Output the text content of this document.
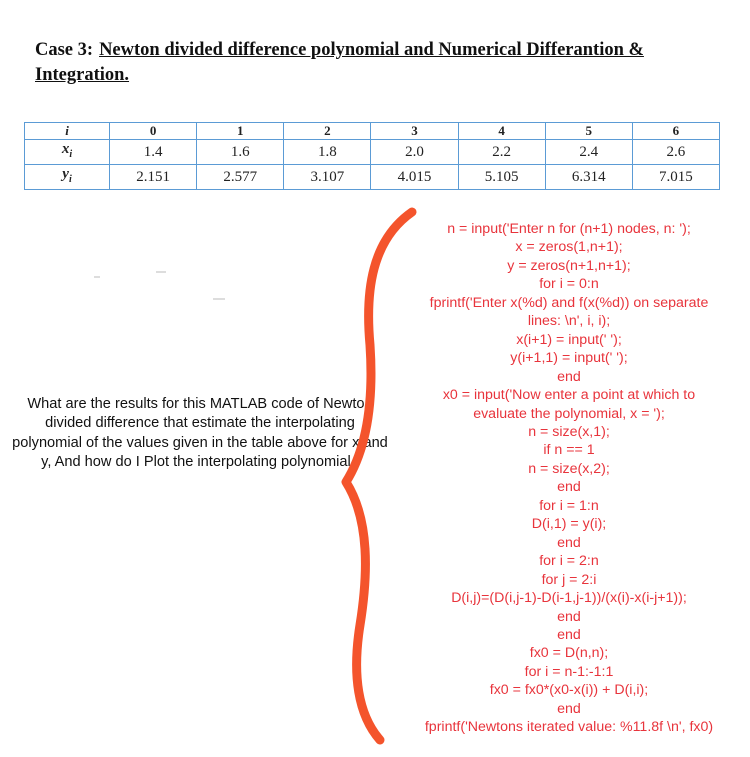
Case 3: Newton divided difference polynomial and Numerical Differantion & Integration.
i	0	1	2	3	4	5	6
$x_i$	1.4	1.6	1.8	2.0	2.2	2.4	2.6
$y_i$	2.151	2.577	3.107	4.015	5.105	6.314	7.015
What are the results for this MATLAB code of Newton divided difference that estimate the interpolating polynomial of the values given in the table above for x and y, And how do I Plot the interpolating polynomial .
n = input('Enter n for (n+1) nodes, n: ');
x = zeros(1,n+1);
y = zeros(n+1,n+1);
for i = 0:n
fprintf('Enter x(%d) and f(x(%d)) on separate
lines: \n', i, i);
x(i+1) = input(' ');
y(i+1,1) = input(' ');
end
x0 = input('Now enter a point at which to
evaluate the polynomial, x = ');
n = size(x,1);
if n == 1
n = size(x,2);
end
for i = 1:n
D(i,1) = y(i);
end
for i = 2:n
for j = 2:i
D(i,j)=(D(i,j-1)-D(i-1,j-1))/(x(i)-x(i-j+1));
end
end
fx0 = D(n,n);
for i = n-1:-1:1
fx0 = fx0*(x0-x(i)) + D(i,i);
end
fprintf('Newtons iterated value: %11.8f \n', fx0)
